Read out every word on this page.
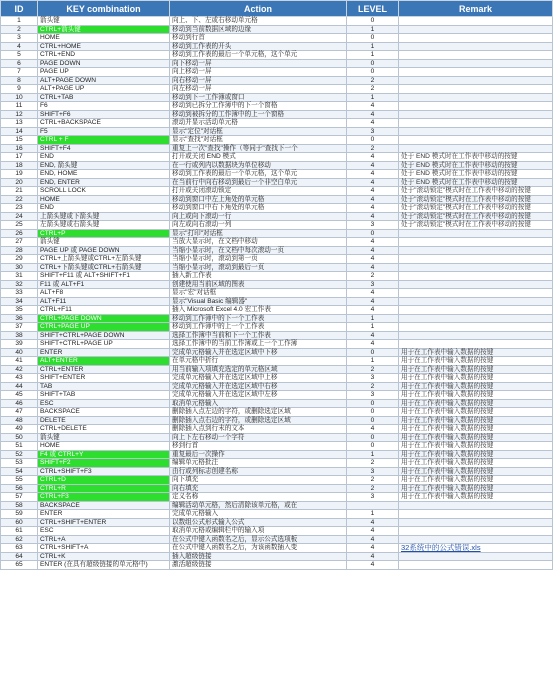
ID	KEY combination	Action	LEVEL	Remark
1	箭头键	向上、下、左或右移动单元格	0	
2	CTRL+箭头键	移动到当前数据区域的边缘	1	
3	HOME	移动到行首	0	
4	CTRL+HOME	移动到工作表的开头	1	
5	CTRL+END	移动到工作表的最后一个单元格，这个单元	1	
6	PAGE DOWN	向下移动一屏	0	
7	PAGE UP	向上移动一屏	0	
8	ALT+PAGE DOWN	向右移动一屏	2	
9	ALT+PAGE UP	向左移动一屏	2	
10	CTRL+TAB	移动到下一工作簿或窗口	1	
11	F6	移动到已拆分工作簿中的下一个窗格	4	
12	SHIFT+F6	移动到被拆分的工作簿中的上一个窗格	4	
13	CTRL+BACKSPACE	滚动并显示活动单元格	4	
14	F5	显示"定位"对话框	3	
15	CTRL + F	显示"查找"对话框	0	
16	SHIFT+F4	重复上一次"查找"操作（等同于"查找下一个	2	
17	END	打开或关闭 END 模式	4	处于 END 模式时在工作表中移动的按键
18	END, 箭头键	在一行或列内以数据块为单位移动	4	处于 END 模式时在工作表中移动的按键
19	END, HOME	移动到工作表的最后一个单元格，这个单元	4	处于 END 模式时在工作表中移动的按键
20	END, ENTER	在当前行中向右移动到最后一个非空白单元	4	处于 END 模式时在工作表中移动的按键
21	SCROLL LOCK	打开或关闭滚动锁定	4	处于"滚动锁定"模式时在工作表中移动的按键
22	HOME	移动到窗口中左上角处的单元格	4	处于"滚动锁定"模式时在工作表中移动的按键
23	END	移动到窗口中右下角处的单元格	4	处于"滚动锁定"模式时在工作表中移动的按键
24	上箭头键或下箭头键	向上或向下滚动一行	4	处于"滚动锁定"模式时在工作表中移动的按键
25	左箭头键或右箭头键	向左或向右滚动一列	3	处于"滚动锁定"模式时在工作表中移动的按键
26	CTRL+P	显示"打印"对话框	0	
27	箭头键	当放大显示时，在文档中移动	4	
28	PAGE UP 或 PAGE DOWN	当缩小显示时，在文档中每次滚动一页	4	
29	CTRL+上箭头键或CTRL+左箭头键	当缩小显示时，滚动到第一页	4	
30	CTRL+下箭头键或CTRL+右箭头键	当缩小显示时，滚动到最后一页	4	
31	SHIFT+F11 或 ALT+SHIFT+F1	插入新工作表	2	
32	F11 或 ALT+F1	创建使用当前区域的图表	3	
33	ALT+F8	显示"宏"对话框	4	
34	ALT+F11	显示"Visual Basic 编辑器"	4	
35	CTRL+F11	插入 Microsoft Excel 4.0 宏工作表	4	
36	CTRL+PAGE DOWN	移动到工作簿中的下一个工作表	1	
37	CTRL+PAGE UP	移动到工作簿中的上一个工作表	1	
38	SHIFT+CTRL+PAGE DOWN	选择工作簿中当前和下一个工作表	4	
39	SHIFT+CTRL+PAGE UP	选择工作簿中的当前工作簿或上一个工作簿	4	
40	ENTER	完成单元格输入并在选定区域中下移	0	用于在工作表中输入数据的按键
41	ALT+ENTER	在单元格中折行	1	用于在工作表中输入数据的按键
42	CTRL+ENTER	用当前输入项填充选定的单元格区域	2	用于在工作表中输入数据的按键
43	SHIFT+ENTER	完成单元格输入并在选定区域中上移	3	用于在工作表中输入数据的按键
44	TAB	完成单元格输入并在选定区域中右移	2	用于在工作表中输入数据的按键
45	SHIFT+TAB	完成单元格输入并在选定区域中左移	3	用于在工作表中输入数据的按键
46	ESC	取消单元格输入	0	用于在工作表中输入数据的按键
47	BACKSPACE	删除插入点左边的字符，或删除选定区域	0	用于在工作表中输入数据的按键
48	DELETE	删除插入点右边的字符，或删除选定区域	0	用于在工作表中输入数据的按键
49	CTRL+DELETE	删除插入点到行末的文本	4	用于在工作表中输入数据的按键
50	箭头键	向上下左右移动一个字符	0	用于在工作表中输入数据的按键
51	HOME	移到行首	0	用于在工作表中输入数据的按键
52	F4 或 CTRL+Y	重复最后一次操作	1	用于在工作表中输入数据的按键
53	SHIFT+F2	编辑单元格批注	2	用于在工作表中输入数据的按键
54	CTRL+SHIFT+F3	由行或列标志创建名称	3	用于在工作表中输入数据的按键
55	CTRL+D	向下填充	2	用于在工作表中输入数据的按键
56	CTRL+R	向右填充	2	用于在工作表中输入数据的按键
57	CTRL+F3	定义名称	3	用于在工作表中输入数据的按键
58	BACKSPACE	编辑活动单元格，然后清除该单元格，或在		
59	ENTER	完成单元格输入	1	
60	CTRL+SHIFT+ENTER	以数组公式形式输入公式	4	
61	ESC	取消单元格或编辑栏中的输入项	4	
62	CTRL+A	在公式中键入函数名之后，显示公式选项板	4	
63	CTRL+SHIFT+A	在公式中键入函数名之后，为该函数插入变	4	32系统中的公式错误.xls
64	CTRL+K	插入超级链接	4	
65	ENTER (在具有超级链接的单元格中)	激活超级链接	4	
